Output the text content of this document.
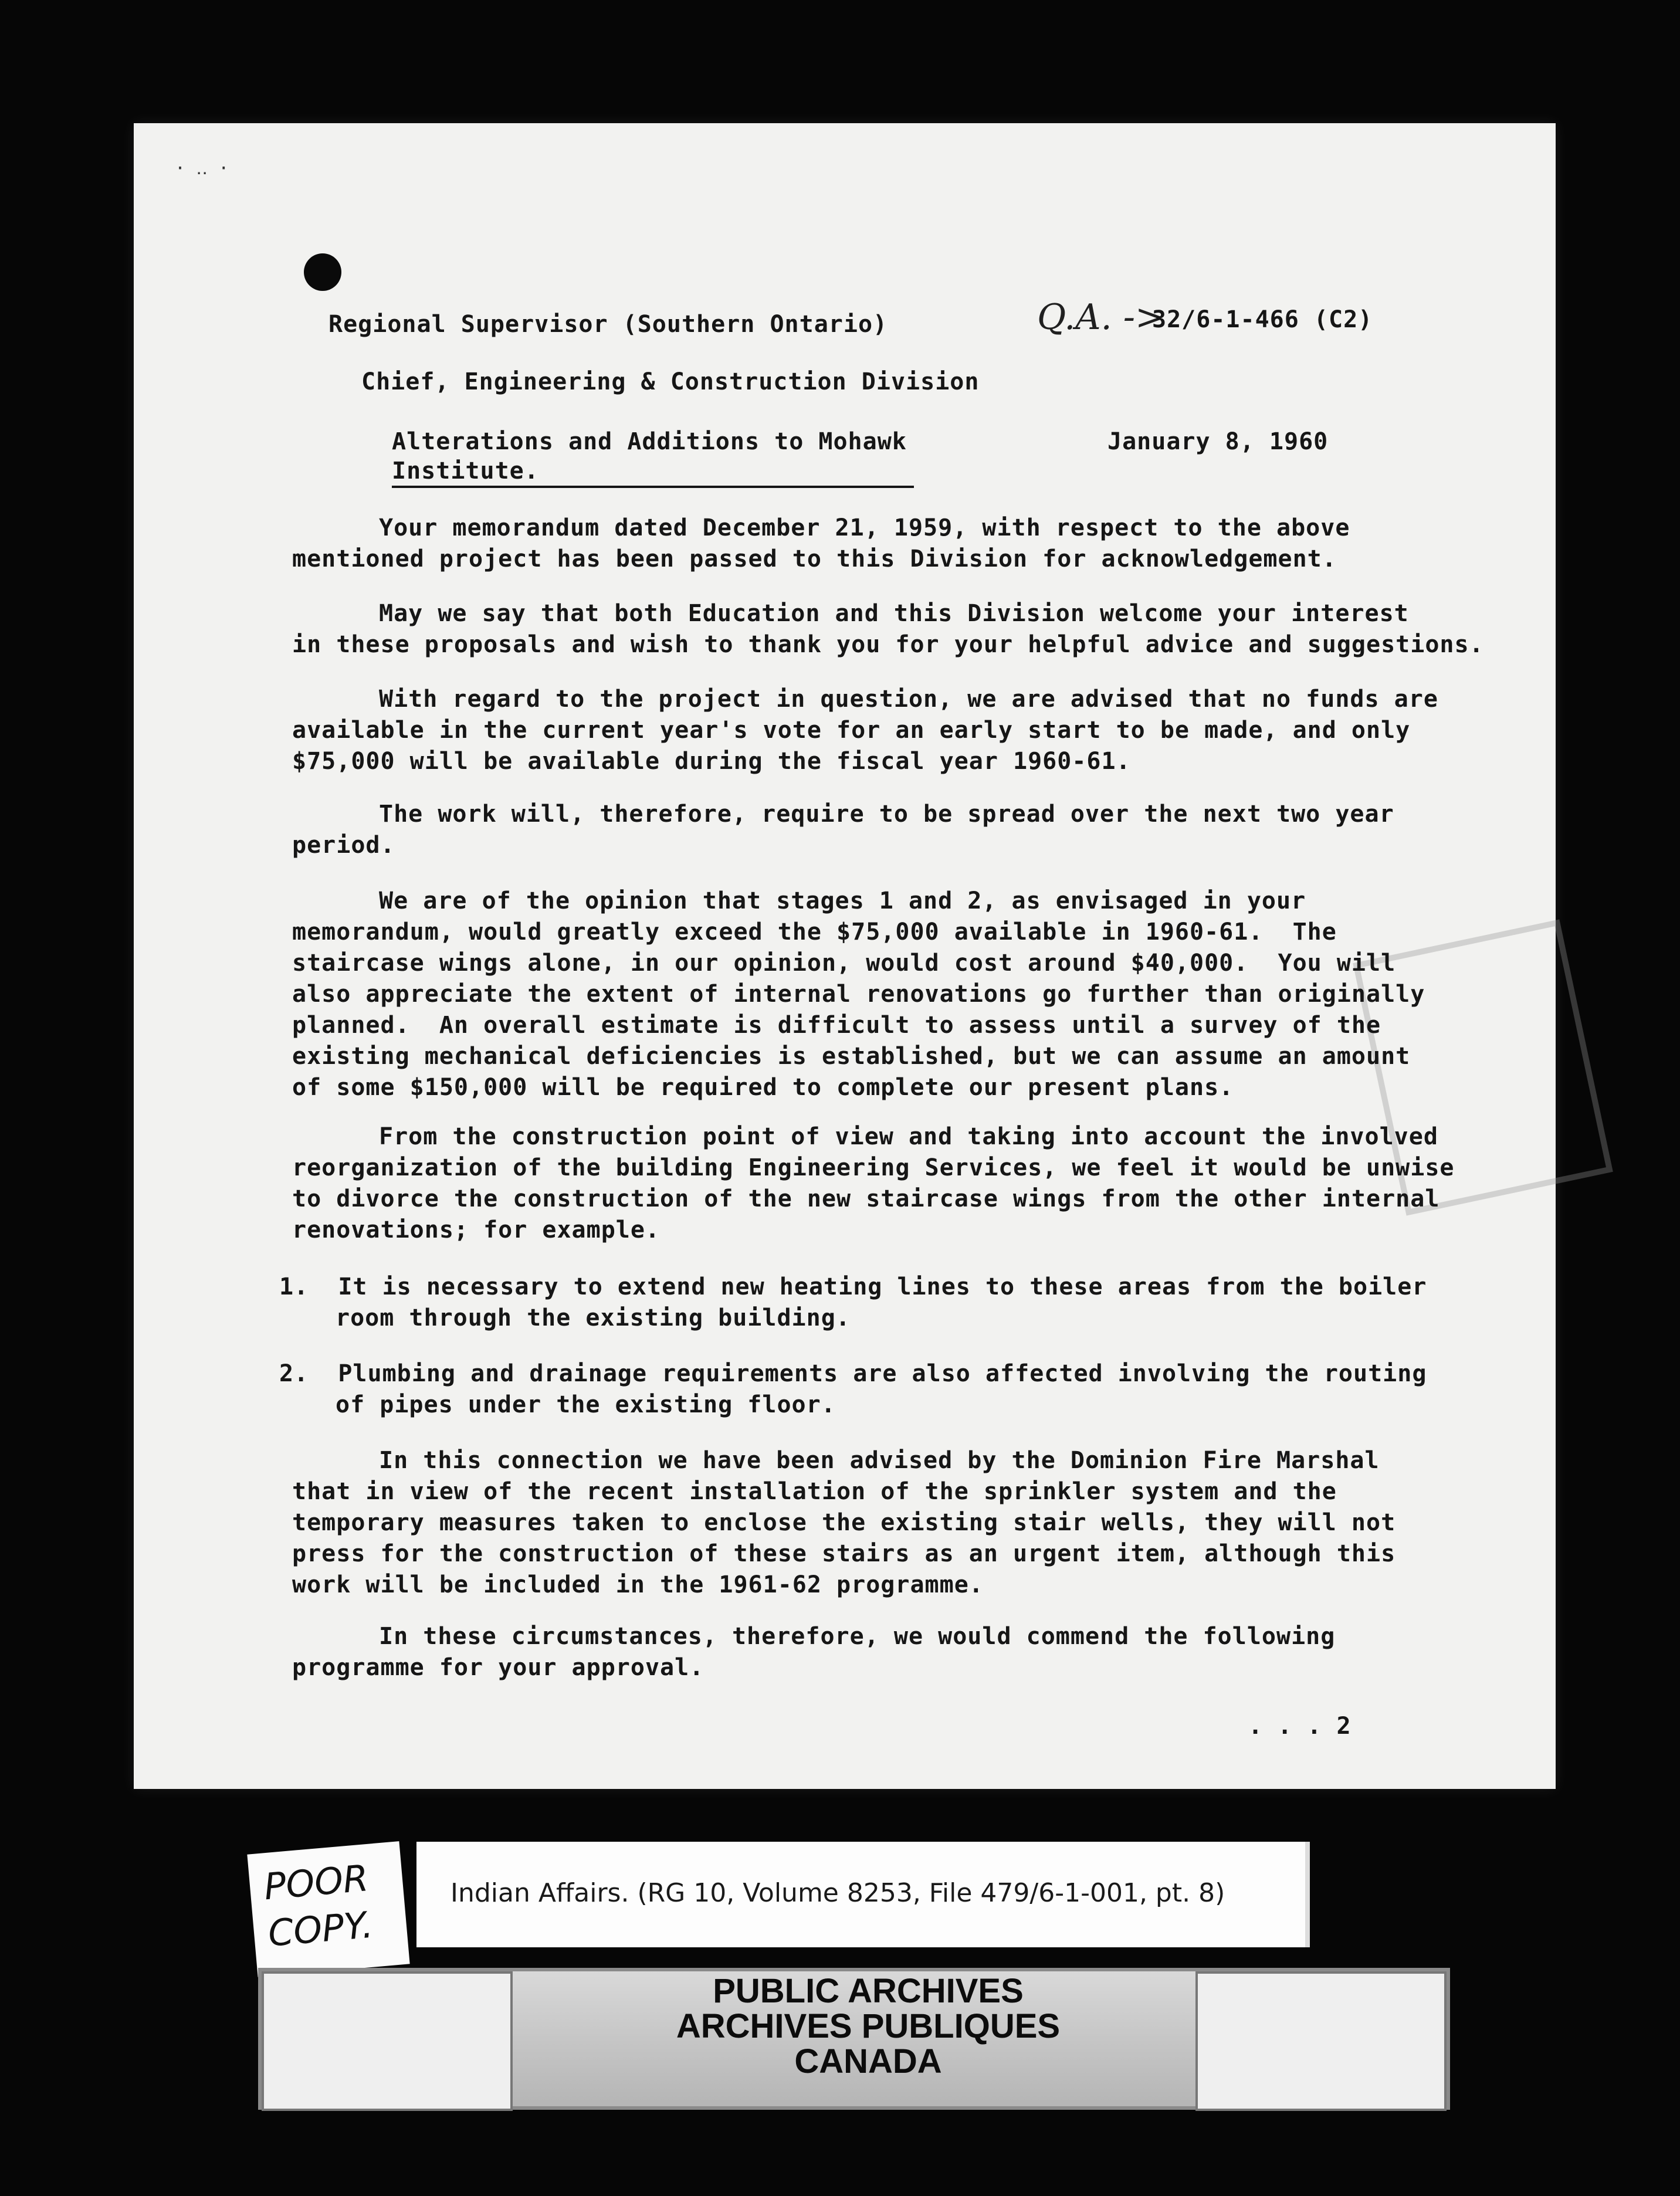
· ‥ ·
Regional Supervisor (Southern Ontario)	Q.A. ->
32/6-1-466 (C2)
Chief, Engineering & Construction Division
Alterations and Additions to Mohawk
Institute.
January 8, 1960
Your memorandum dated December 21, 1959, with respect to the above
mentioned project has been passed to this Division for acknowledgement.
May we say that both Education and this Division welcome your interest
in these proposals and wish to thank you for your helpful advice and suggestions.
With regard to the project in question, we are advised that no funds are
available in the current year's vote for an early start to be made, and only
$75,000 will be available during the fiscal year 1960-61.
The work will, therefore, require to be spread over the next two year
period.
We are of the opinion that stages 1 and 2, as envisaged in your
memorandum, would greatly exceed the $75,000 available in 1960-61.  The
staircase wings alone, in our opinion, would cost around $40,000.  You will
also appreciate the extent of internal renovations go further than originally
planned.  An overall estimate is difficult to assess until a survey of the
existing mechanical deficiencies is established, but we can assume an amount
of some $150,000 will be required to complete our present plans.
From the construction point of view and taking into account the involved
reorganization of the building Engineering Services, we feel it would be unwise
to divorce the construction of the new staircase wings from the other internal
renovations; for example.
1. It is necessary to extend new heating lines to these areas from the boiler
room through the existing building.
2. Plumbing and drainage requirements are also affected involving the routing
of pipes under the existing floor.
In this connection we have been advised by the Dominion Fire Marshal
that in view of the recent installation of the sprinkler system and the
temporary measures taken to enclose the existing stair wells, they will not
press for the construction of these stairs as an urgent item, although this
work will be included in the 1961-62 programme.
In these circumstances, therefore, we would commend the following
programme for your approval.
. . . 2
POOR
COPY.
Indian Affairs. (RG 10, Volume 8253, File 479/6-1-001, pt. 8)
PUBLIC ARCHIVES
ARCHIVES PUBLIQUES
CANADA
